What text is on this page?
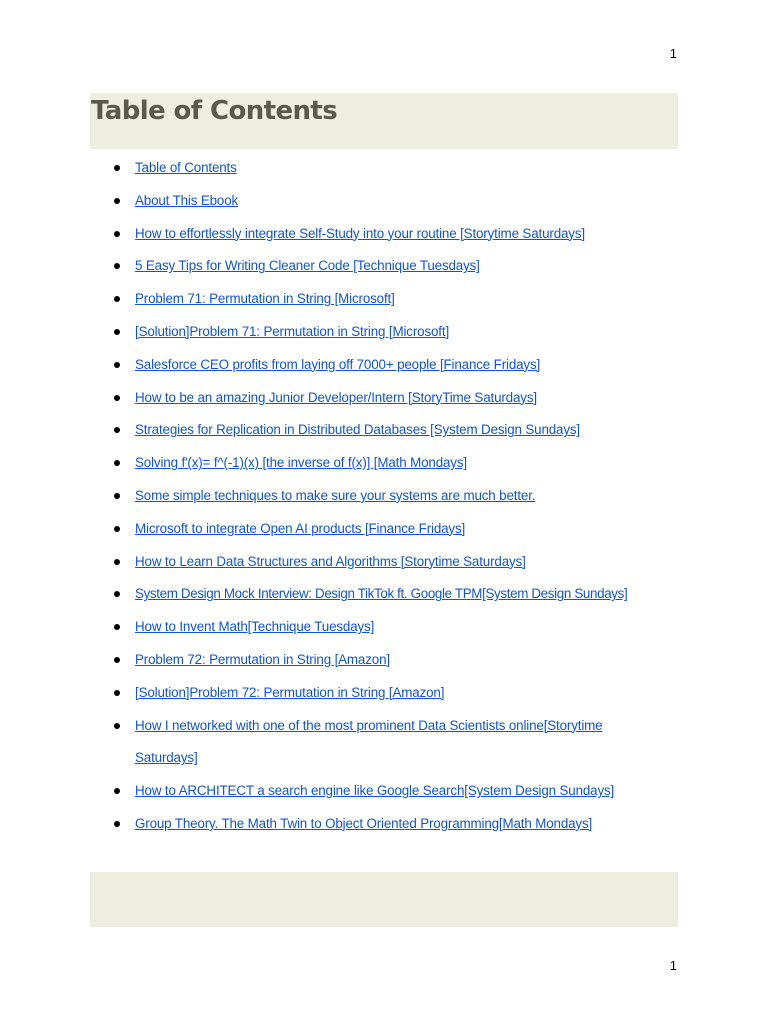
1
Table of Contents
Table of Contents
About This Ebook
How to effortlessly integrate Self-Study into your routine [Storytime Saturdays]
5 Easy Tips for Writing Cleaner Code [Technique Tuesdays]
Problem 71: Permutation in String [Microsoft]
[Solution]Problem 71: Permutation in String [Microsoft]
Salesforce CEO profits from laying off 7000+ people [Finance Fridays]
How to be an amazing Junior Developer/Intern [StoryTime Saturdays]
Strategies for Replication in Distributed Databases [System Design Sundays]
Solving f'(x)= f^(-1)(x) [the inverse of f(x)] [Math Mondays]
Some simple techniques to make sure your systems are much better.
Microsoft to integrate Open AI products [Finance Fridays]
How to Learn Data Structures and Algorithms [Storytime Saturdays]
System Design Mock Interview: Design TikTok ft. Google TPM[System Design Sundays]
How to Invent Math[Technique Tuesdays]
Problem 72: Permutation in String [Amazon]
[Solution]Problem 72: Permutation in String [Amazon]
How I networked with one of the most prominent Data Scientists online[Storytime Saturdays]
How to ARCHITECT a search engine like Google Search[System Design Sundays]
Group Theory. The Math Twin to Object Oriented Programming[Math Mondays]
1
